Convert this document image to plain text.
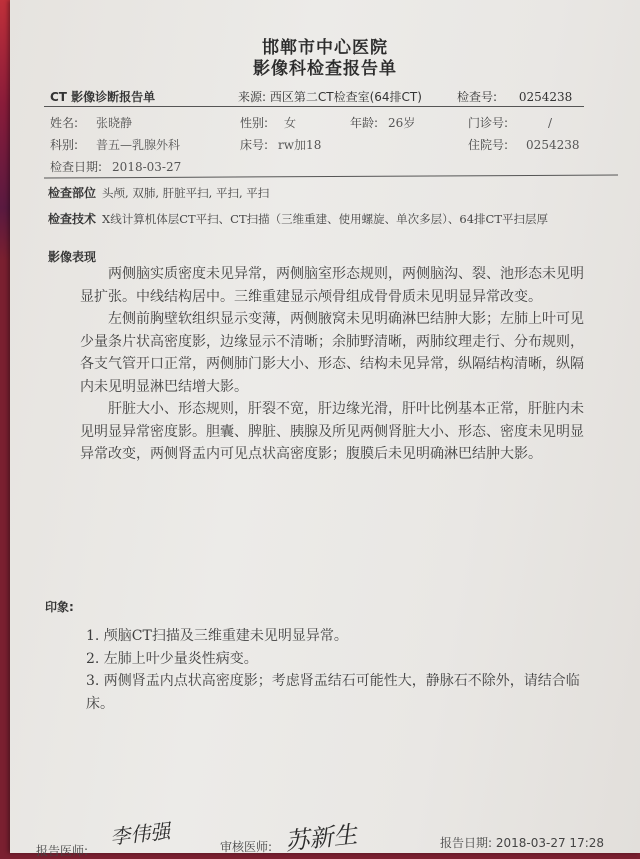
邯郸市中心医院
影像科检查报告单
CT 影像诊断报告单	来源: 西区第二CT检查室(64排CT)	检查号: 0254238
姓名: 张晓静	性别: 女	年龄: 26岁	门诊号:	/
科别: 普五—乳腺外科	床号: rw加18	住院号: 0254238
检查日期: 2018-03-27
检查部位 头颅, 双肺, 肝脏平扫, 平扫, 平扫
检查技术 X线计算机体层CT平扫、CT扫描（三维重建、使用螺旋、单次多层）、64排CT平扫层厚
影像表现

两侧脑实质密度未见异常，两侧脑室形态规则，两侧脑沟、裂、池形态未见明显扩张。中线结构居中。三维重建显示颅骨组成骨骨质未见明显异常改变。

左侧前胸壁软组织显示变薄，两侧腋窝未见明确淋巴结肿大影；左肺上叶可见少量条片状高密度影，边缘显示不清晰；余肺野清晰，两肺纹理走行、分布规则，各支气管开口正常，两侧肺门影大小、形态、结构未见异常，纵隔结构清晰，纵隔内未见明显淋巴结增大影。

肝脏大小、形态规则，肝裂不宽，肝边缘光滑，肝叶比例基本正常，肝脏内未见明显异常密度影。胆囊、脾脏、胰腺及所见两侧肾脏大小、形态、密度未见明显异常改变，两侧肾盂内可见点状高密度影；腹膜后未见明确淋巴结肿大影。

印象:
1. 颅脑CT扫描及三维重建未见明显异常。
2. 左肺上叶少量炎性病变。
3. 两侧肾盂内点状高密度影；考虑肾盂结石可能性大，静脉石不除外，请结合临床。
报告医师:
李伟强	审核医师: 苏新生	报告日期: 2018-03-27 17:28
